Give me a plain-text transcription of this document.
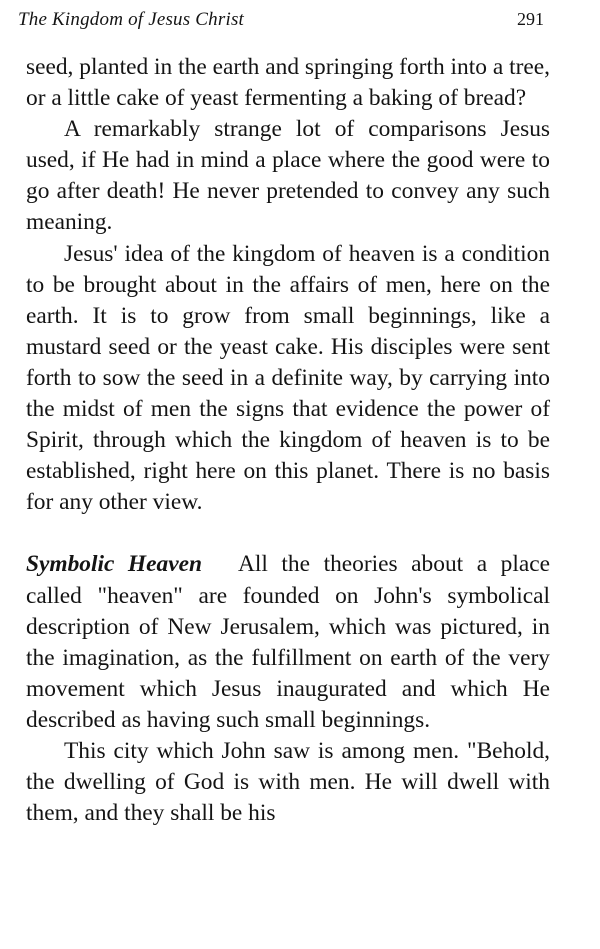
The Kingdom of Jesus Christ	291

seed, planted in the earth and springing forth into a tree, or a little cake of yeast fermenting a baking of bread?

A remarkably strange lot of comparisons Jesus used, if He had in mind a place where the good were to go after death! He never pretended to convey any such meaning.

Jesus' idea of the kingdom of heaven is a condition to be brought about in the affairs of men, here on the earth. It is to grow from small beginnings, like a mustard seed or the yeast cake. His disciples were sent forth to sow the seed in a definite way, by carrying into the midst of men the signs that evidence the power of Spirit, through which the kingdom of heaven is to be established, right here on this planet. There is no basis for any other view.

Symbolic Heaven All the theories about a place called "heaven" are founded on John's symbolical description of New Jerusalem, which was pictured, in the imagination, as the fulfillment on earth of the very movement which Jesus inaugurated and which He described as having such small beginnings.

This city which John saw is among men. "Behold, the dwelling of God is with men. He will dwell with them, and they shall be his
